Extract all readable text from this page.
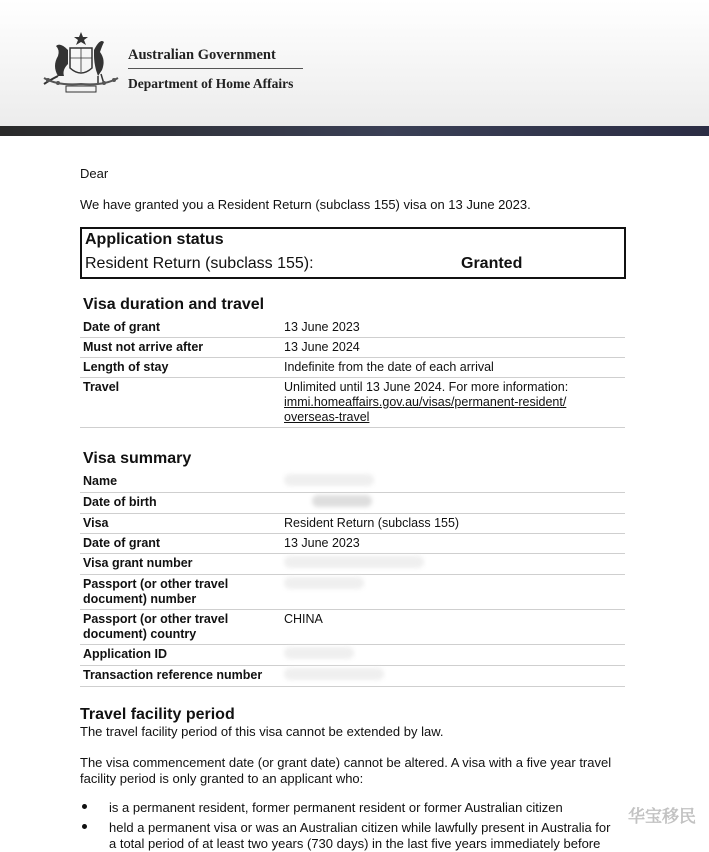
Australian Government
Department of Home Affairs
Dear
We have granted you a Resident Return (subclass 155) visa on 13 June 2023.
Application status
Resident Return (subclass 155):	Granted
Visa duration and travel
Date of grant	13 June 2023
Must not arrive after	13 June 2024
Length of stay	Indefinite from the date of each arrival
Travel	Unlimited until 13 June 2024. For more information:
immi.homeaffairs.gov.au/visas/permanent-resident/
overseas-travel
Visa summary
Name	
Date of birth	
Visa	Resident Return (subclass 155)
Date of grant	13 June 2023
Visa grant number	
Passport (or other travel document) number	
Passport (or other travel document) country	CHINA
Application ID	
Transaction reference number	
Travel facility period
The travel facility period of this visa cannot be extended by law.
The visa commencement date (or grant date) cannot be altered. A visa with a five year travel
facility period is only granted to an applicant who:
is a permanent resident, former permanent resident or former Australian citizen
held a permanent visa or was an Australian citizen while lawfully present in Australia for
a total period of at least two years (730 days) in the last five years immediately before
华宝移民
